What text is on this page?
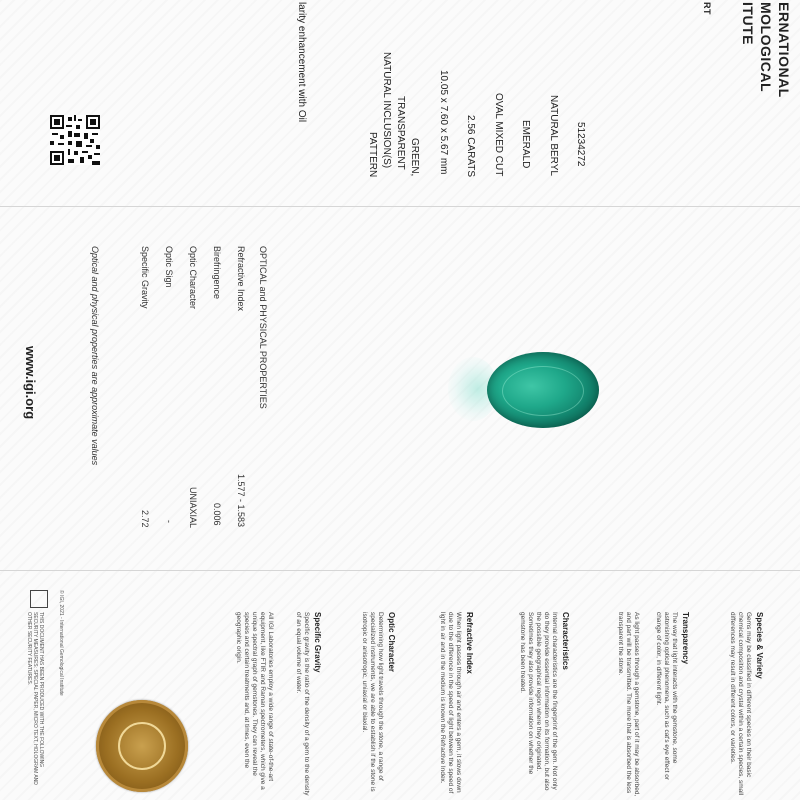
ERNATIONAL
MOLOGICAL
ITUTE
RT
51234272
NATURAL BERYL
EMERALD
OVAL MIXED CUT
2.56 CARATS
10.05 x 7.60 x 5.67 mm
GREEN,
TRANSPARENT
NATURAL INCLUSION(S)
PATTERN
larity enhancement with Oil
OPTICAL and PHYSICAL PROPERTIES
Refractive Index
Birefringence
Optic Character
Optic Sign
Specific Gravity
1.577 - 1.583
0.006
UNIAXIAL
-
2.72
Optical and physical properties are approximate values
www.igi.org
Species & Variety
Gems may be classified in different species on their basic chemical composition and crystal within a certain species, small differences may result in different colors, or varieties.
Transparency
The way that light interacts with the gemstone, some astonishing optical phenomena, such as cat's eye effect or change of color, in different light.
As light passes through a gemstone, part of it may be absorbed, and part will be transmitted. The more that is absorbed the less transparent the stone.
Characteristics
Internal characteristics are the fingerprint of the gem. Not only do they provide essential information on its formation, but also the possible geographical region where they originated. Sometimes they also provide information on whether the gemstone has been treated.
Refractive Index
When light passes through air and enters a gem, it slows down due to the difference in the speed of light between the speed of light in air and in the medium is known the Refractive Index.
Optic Character
Determining how light travels through the stone, a range of specialized instruments, we are able to establish if the stone is isotropic or anisotropic, uniaxial or biaxial.
Specific Gravity
Specific gravity is the ratio of the density of a gem to the density of an equal volume of water.
All IGI Laboratories employ a wide range of state-of-the-art equipment, like FTIR and Raman spectrometers, which give a unique spectral graph of gemstones. They can reveal the species and certain treatments and, at times, even the geographic origin.
© IGI, 2021 - International Gemological Institute
THIS DOCUMENT HAS BEEN PRODUCED WITH THE FOLLOWING SECURITY MEASURES: SPECIAL PAPER, MICRO TEXT, HOLOGRAM AND OTHER SECURITY FEATURES.
